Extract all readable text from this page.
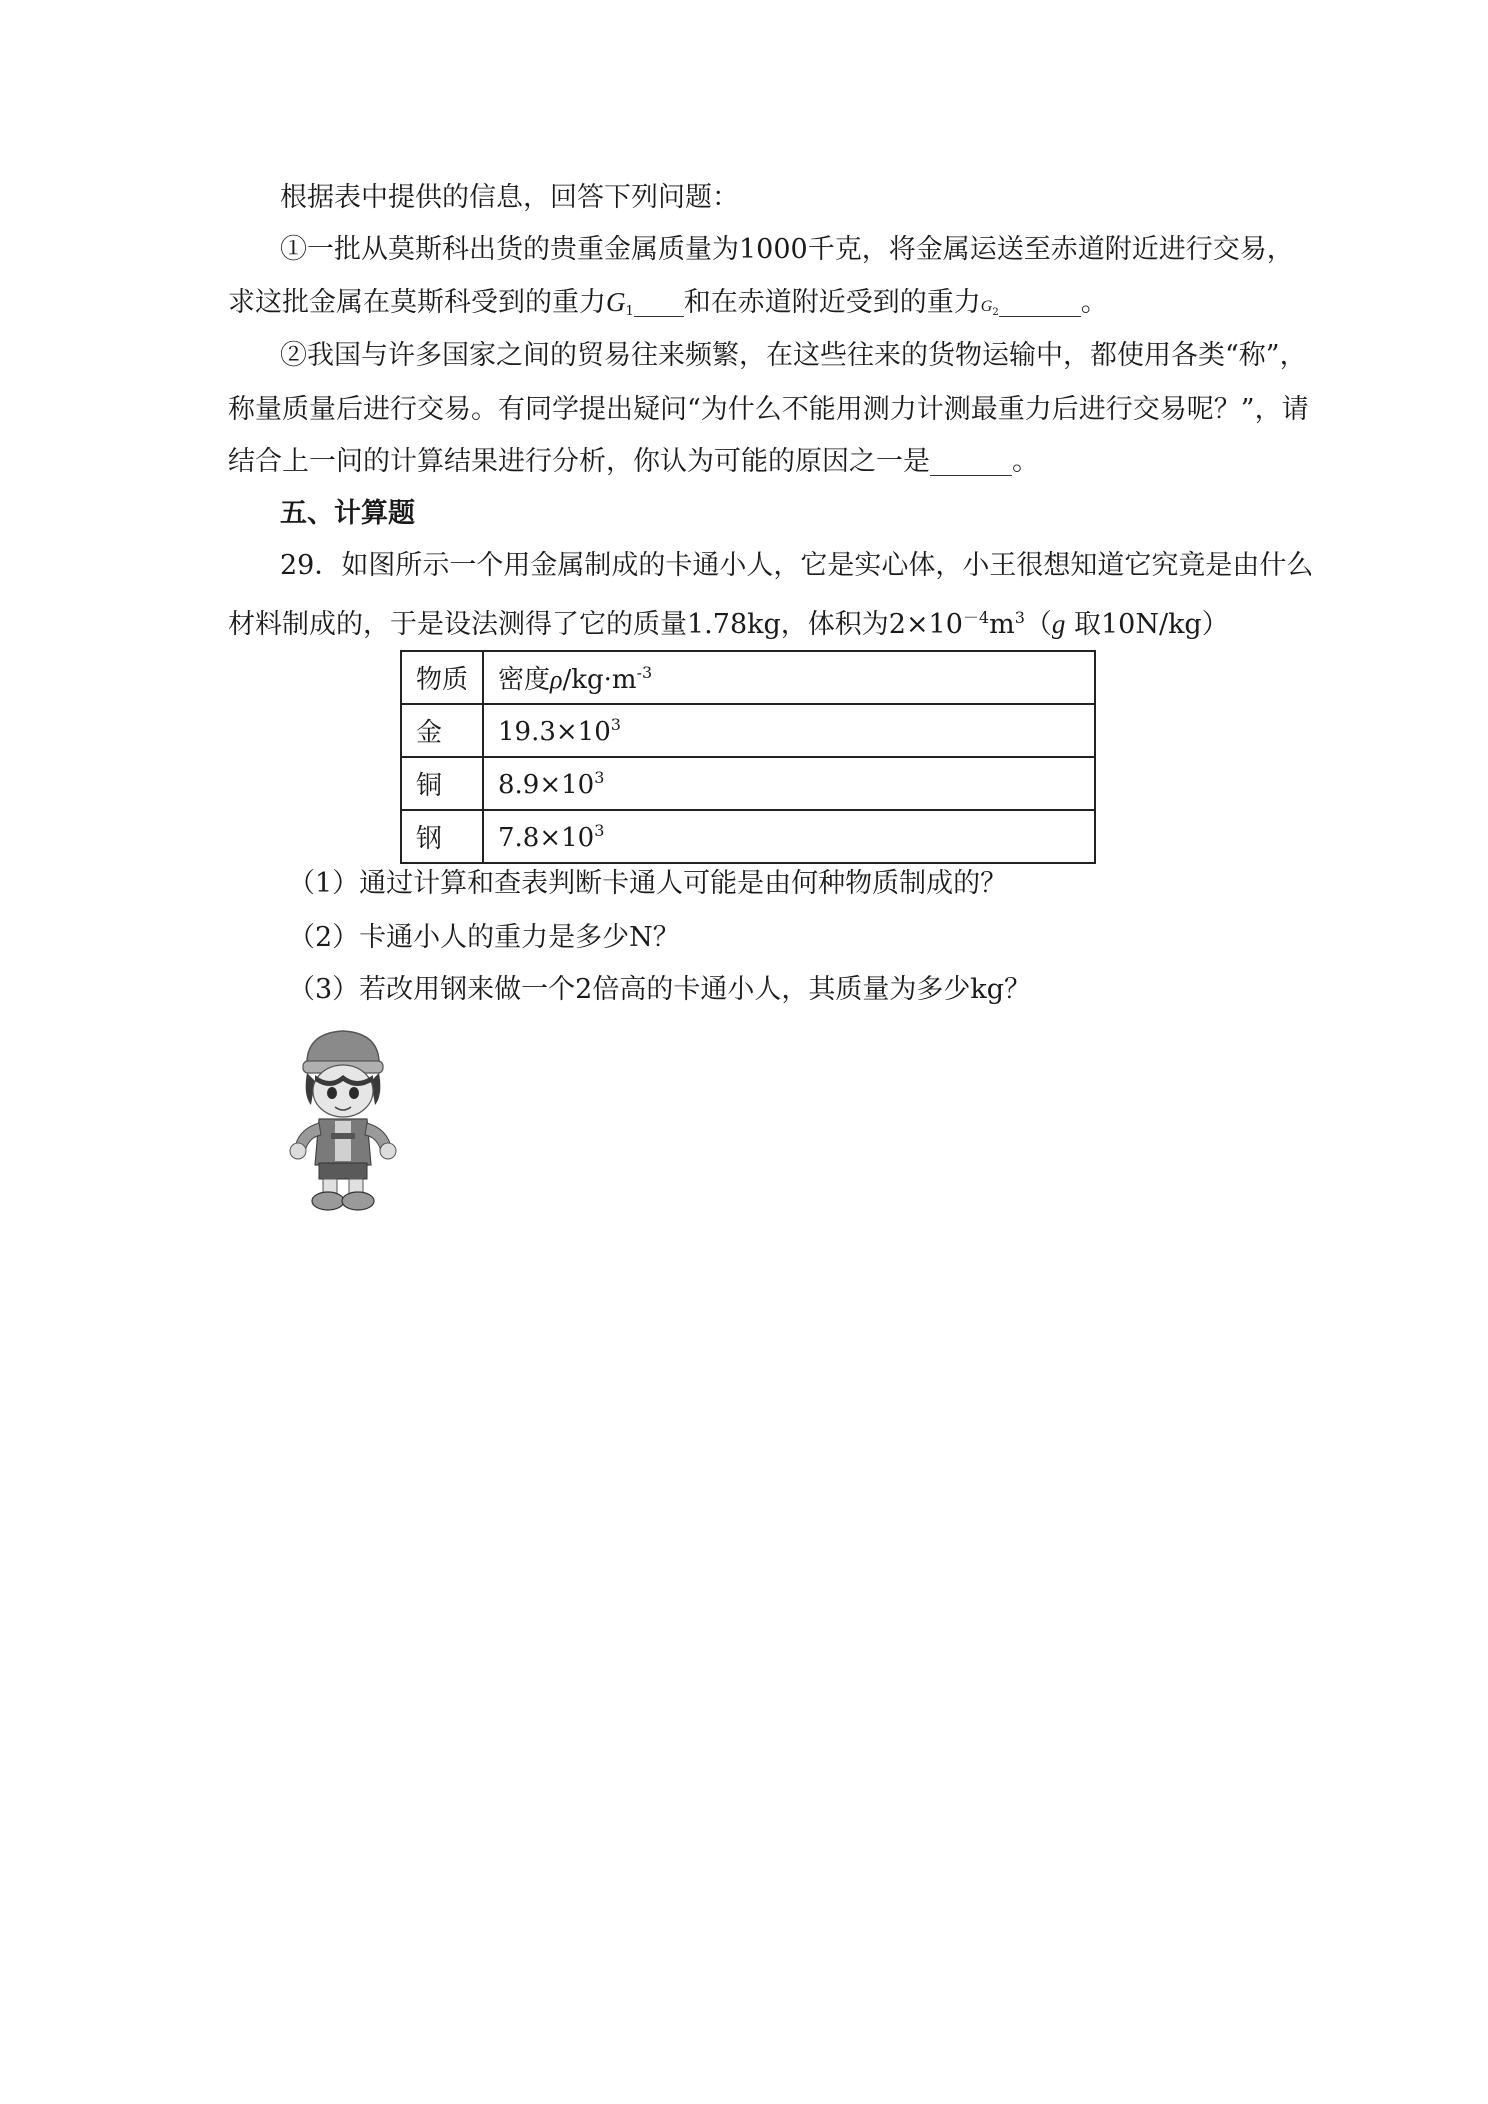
根据表中提供的信息，回答下列问题：
①一批从莫斯科出货的贵重金属质量为1000千克，将金属运送至赤道附近进行交易，
求这批金属在莫斯科受到的重力$G_1$ 和在赤道附近受到的重力$G_2$	。
②我国与许多国家之间的贸易往来频繁，在这些往来的货物运输中，都使用各类“称”，
称量质量后进行交易。有同学提出疑问“为什么不能用测力计测最重力后进行交易呢？”，请
结合上一问的计算结果进行分析，你认为可能的原因之一是	。
五、计算题
29．如图所示一个用金属制成的卡通小人，它是实心体，小王很想知道它究竟是由什么
材料制成的，于是设法测得了它的质量1.78kg，体积为$2\times 10^{-4}m^3(g$ 取10N/kg）
物质	密度$\rho/kg\cdot m^{-3}$
金	$19.3\times 10^3$
铜	$8.9\times 10^3$
钢	$7.8\times 10^3$
（1）通过计算和查表判断卡通人可能是由何种物质制成的？
（2）卡通小人的重力是多少N？
（3）若改用钢来做一个2倍高的卡通小人，其质量为多少kg？
